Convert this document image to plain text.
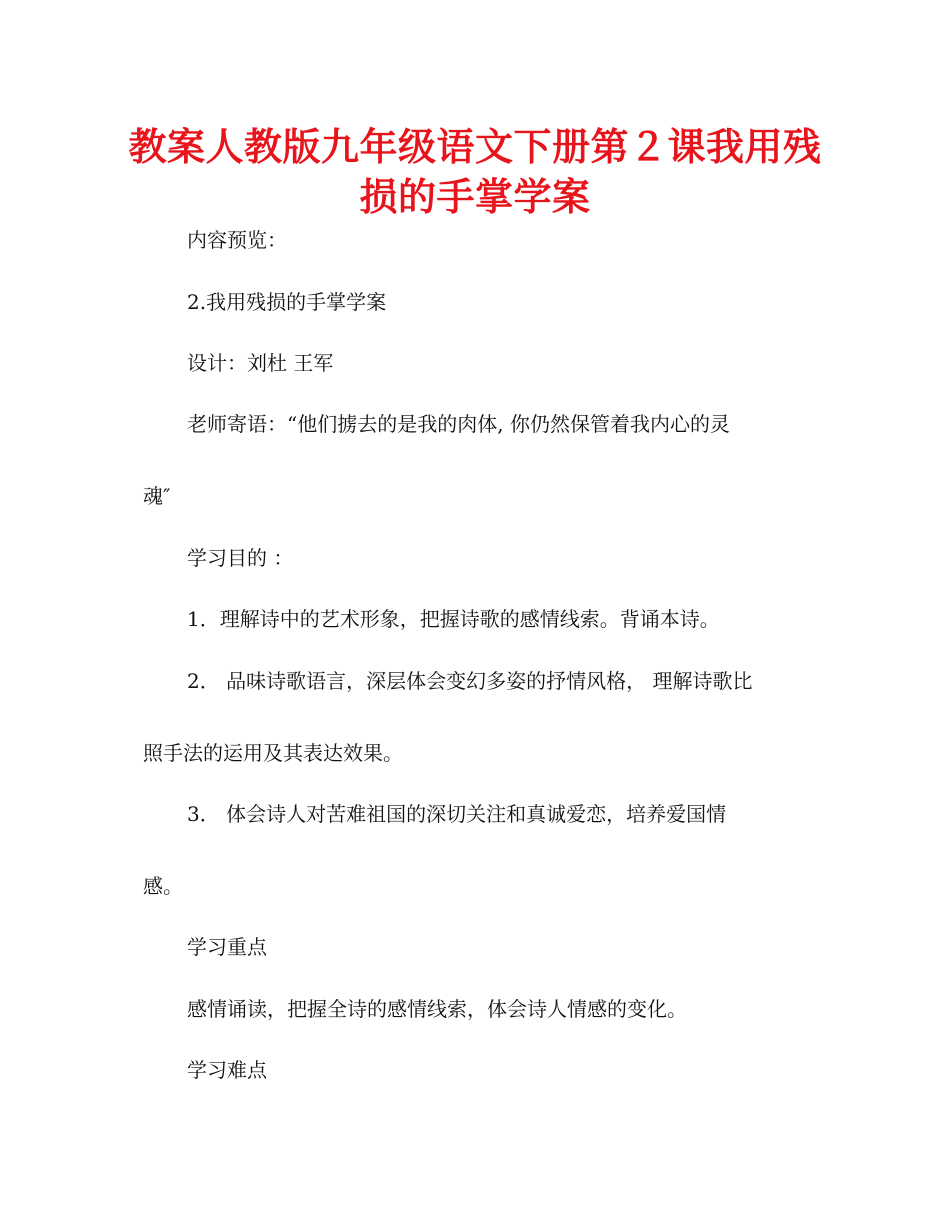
教案人教版九年级语文下册第２课我用残
损的手掌学案

内容预览：

2.我用残损的手掌学案

设计：刘杜 王军

老师寄语：“他们掳去的是我的肉体, 你仍然保管着我内心的灵

魂″

学习目的 ：

1．理解诗中的艺术形象，把握诗歌的感情线索。背诵本诗。

2． 品味诗歌语言，深层体会变幻多姿的抒情风格， 理解诗歌比

照手法的运用及其表达效果。

3． 体会诗人对苦难祖国的深切关注和真诚爱恋，培养爱国情

感。

学习重点

感情诵读，把握全诗的感情线索，体会诗人情感的变化。

学习难点
